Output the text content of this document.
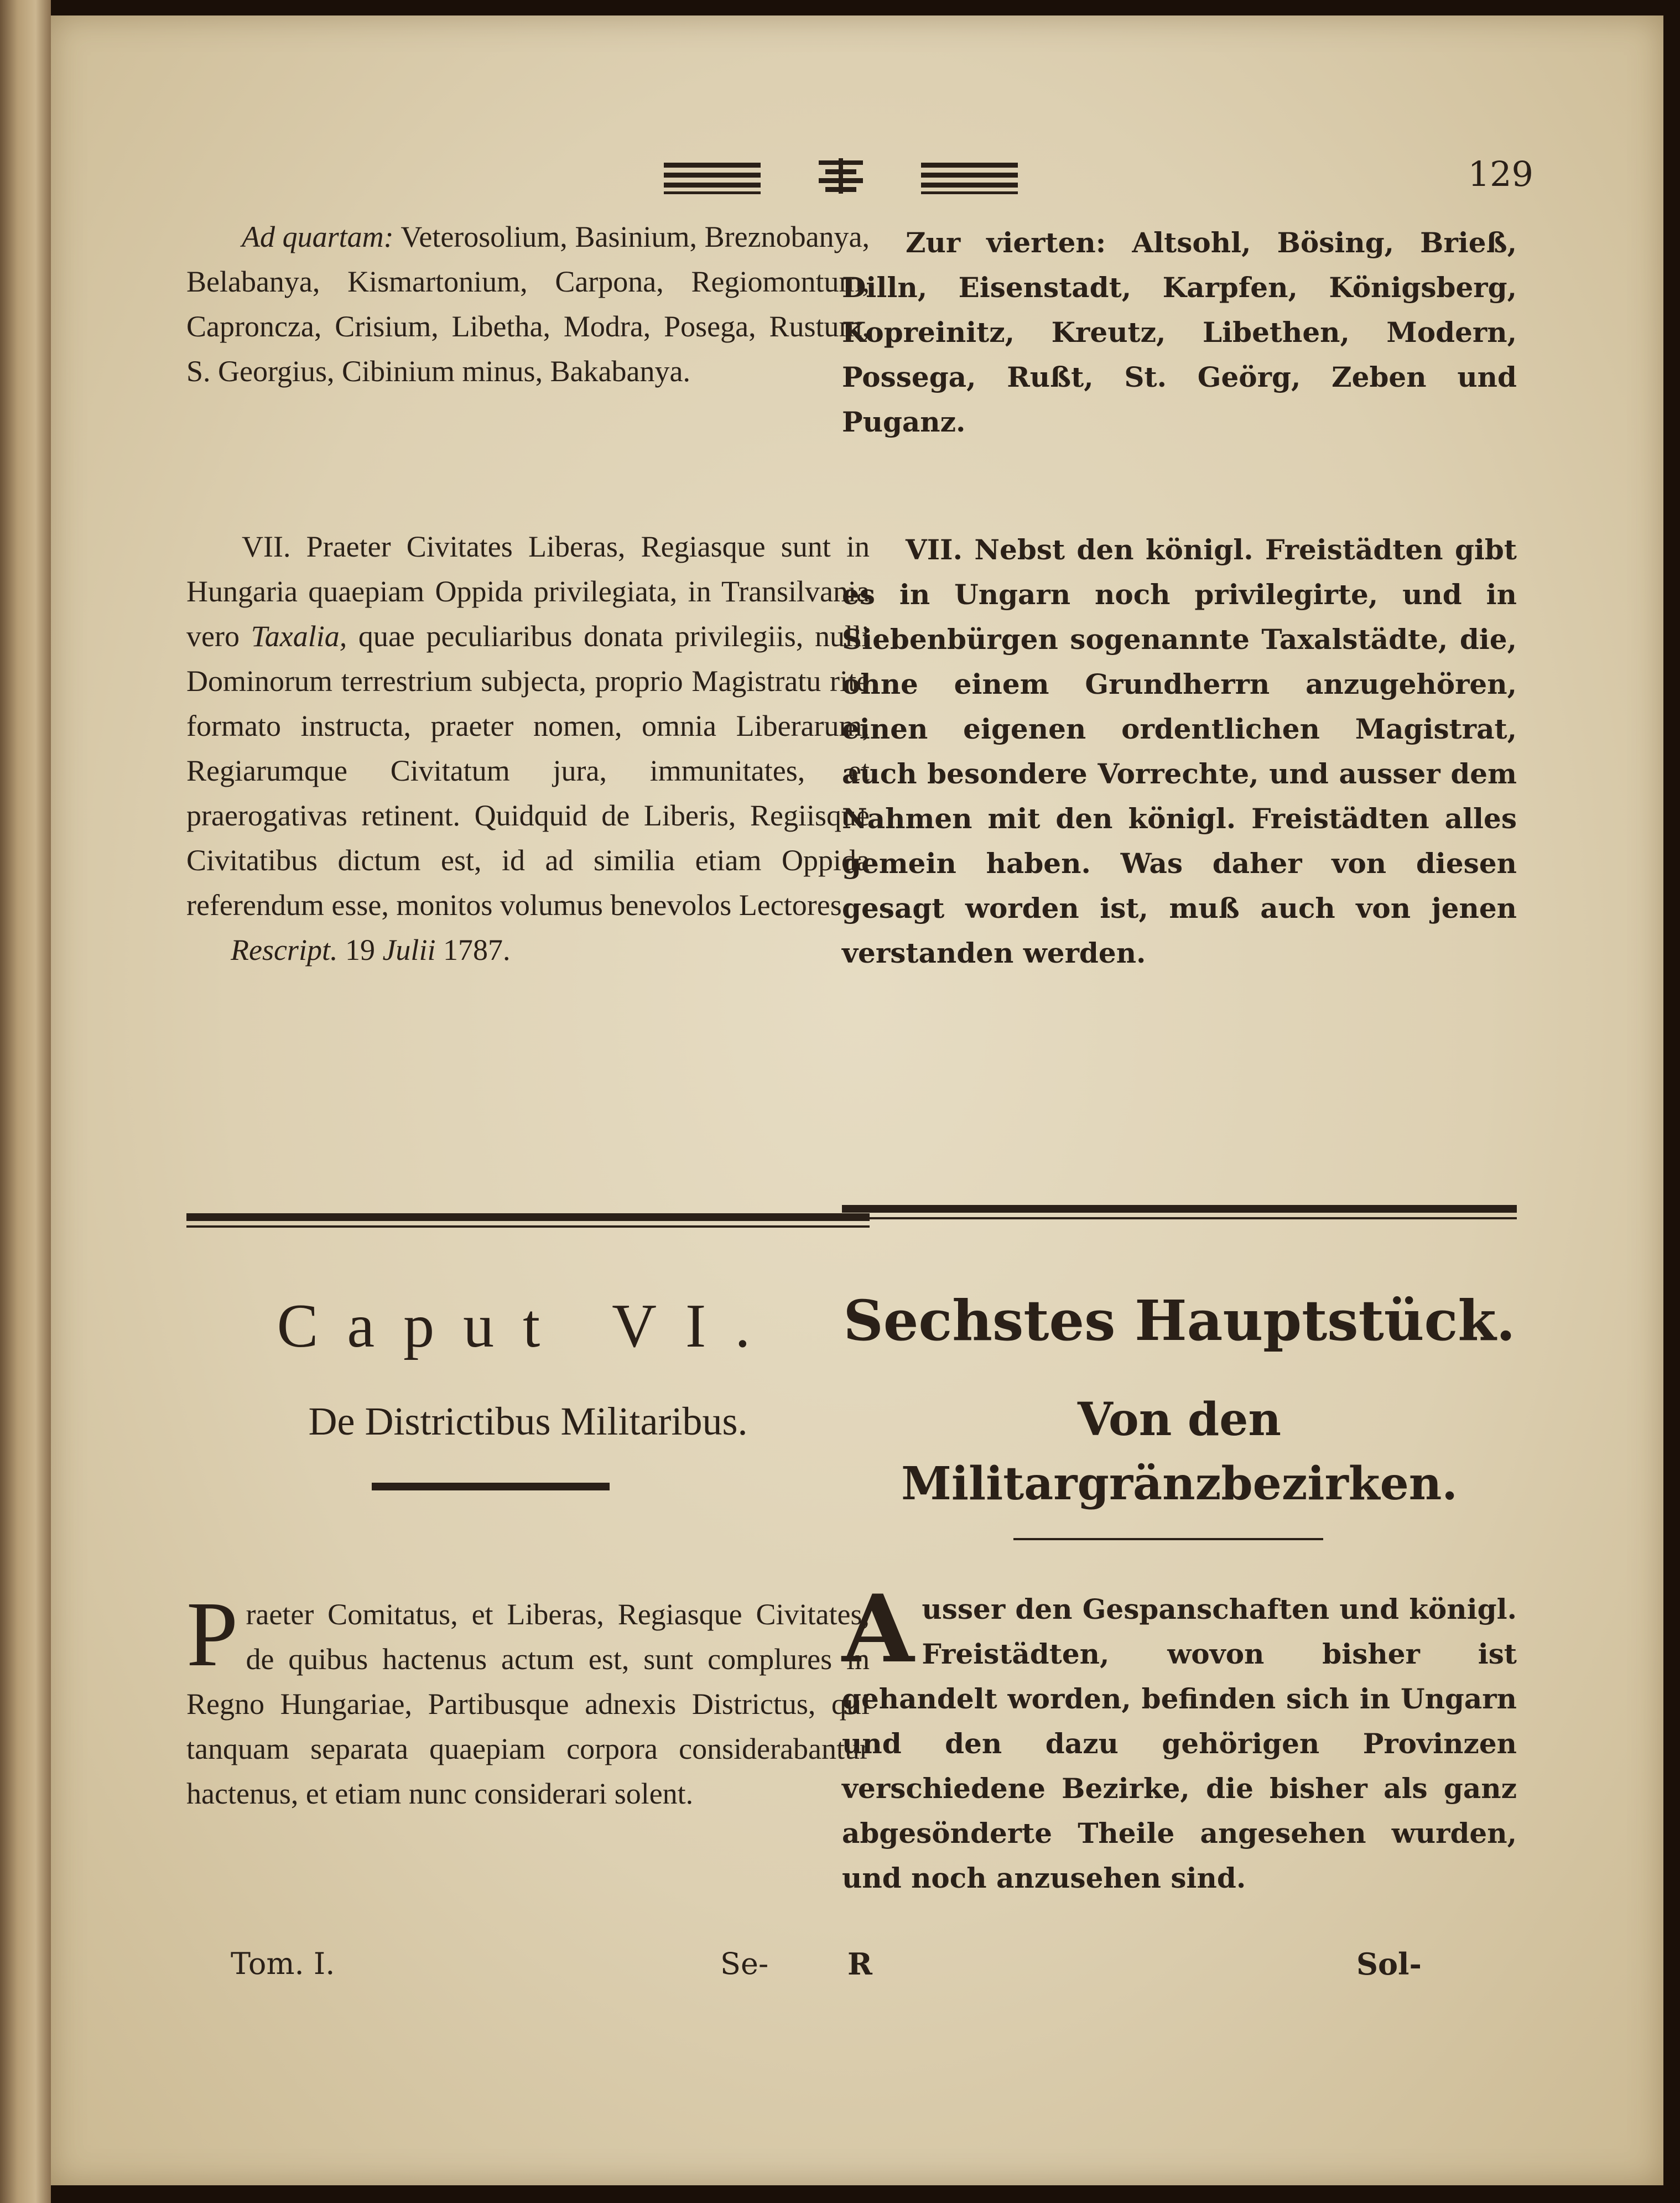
129

Ad quartam: Veterosolium, Basinium, Breznobanya, Belabanya, Kismartonium, Carpona, Regiomontum, Caproncza, Crisium, Libetha, Modra, Posega, Rustum, S. Georgius, Cibinium minus, Bakabanya.

VII. Praeter Civitates Liberas, Regiasque sunt in Hungaria quaepiam Oppida privilegiata, in Transilvania vero Taxalia, quae peculiaribus donata privilegiis, nulli Dominorum terrestrium subjecta, proprio Magistratu rite formato instructa, praeter nomen, omnia Liberarum, Regiarumque Civitatum jura, immunitates, et praerogativas retinent. Quidquid de Liberis, Regiisque Civitatibus dictum est, id ad similia etiam Oppida referendum esse, monitos volumus benevolos Lectores.

Rescript. 19 Julii 1787.

Zur vierten: Altsohl, Bösing, Brieß, Dilln, Eisenstadt, Karpfen, Königsberg, Kopreinitz, Kreutz, Libethen, Modern, Possega, Rußt, St. Geörg, Zeben und Puganz.

VII. Nebst den königl. Freistädten gibt es in Ungarn noch privilegirte, und in Siebenbürgen sogenannte Taxalstädte, die, ohne einem Grundherrn anzugehören, einen eigenen ordentlichen Magistrat, auch besondere Vorrechte, und ausser dem Nahmen mit den königl. Freistädten alles gemein haben. Was daher von diesen gesagt worden ist, muß auch von jenen verstanden werden.

Caput VI.
De Districtibus Militaribus.
Sechstes Hauptstück.
Von den Militargränzbezirken.

Praeter Comitatus, et Liberas, Regiasque Civitates, de quibus hactenus actum est, sunt complures in Regno Hungariae, Partibusque adnexis Districtus, qui tanquam separata quaepiam corpora considerabantur hactenus, et etiam nunc considerari solent.

Ausser den Gespanschaften und königl. Freistädten, wovon bisher ist gehandelt worden, befinden sich in Ungarn und den dazu gehörigen Provinzen verschiedene Bezirke, die bisher als ganz abgesönderte Theile angesehen wurden, und noch anzusehen sind.

Tom. I.	Se-	R	Sol-
